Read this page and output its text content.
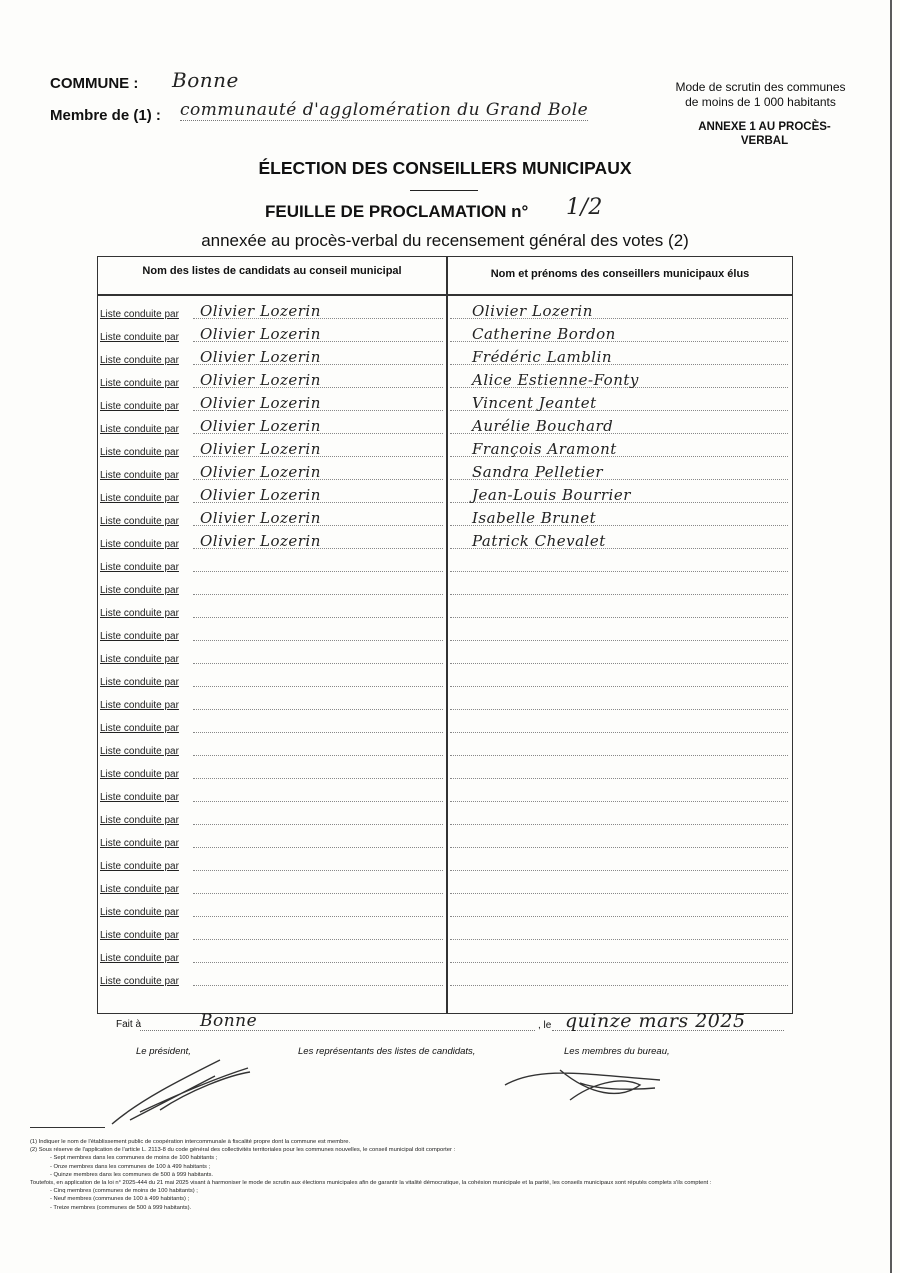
COMMUNE : Bonne
Membre de (1) : communauté d'agglomération du Grand Bole
Mode de scrutin des communes de moins de 1 000 habitants
ANNEXE 1 AU PROCÈS-VERBAL
ÉLECTION DES CONSEILLERS MUNICIPAUX
FEUILLE DE PROCLAMATION n° 1/2
annexée au procès-verbal du recensement général des votes (2)
Nom des listes de candidats au conseil municipal	Nom et prénoms des conseillers municipaux élus
Liste conduite par Olivier Lozerin	Olivier Lozerin
Liste conduite par Olivier Lozerin	Catherine Bordon
Liste conduite par Olivier Lozerin	Frédéric Lamblin
Liste conduite par Olivier Lozerin	Alice Estienne-Fonty
Liste conduite par Olivier Lozerin	Vincent Jeantet
Liste conduite par Olivier Lozerin	Aurélie Bouchard
Liste conduite par Olivier Lozerin	François Aramont
Liste conduite par Olivier Lozerin	Sandra Pelletier
Liste conduite par Olivier Lozerin	Jean-Louis Bourrier
Liste conduite par Olivier Lozerin	Isabelle Brunet
Liste conduite par Olivier Lozerin	Patrick Chevalet
Liste conduite par
Liste conduite par
Liste conduite par
Liste conduite par
Liste conduite par
Liste conduite par
Liste conduite par
Liste conduite par
Liste conduite par
Liste conduite par
Liste conduite par
Liste conduite par
Liste conduite par
Liste conduite par
Liste conduite par
Liste conduite par
Liste conduite par
Liste conduite par
Liste conduite par
Fait à	Bonne	, le quinze mars 2025
Le président,	Les représentants des listes de candidats,	Les membres du bureau,

(1) Indiquer le nom de l'établissement public de coopération intercommunale à fiscalité propre dont la commune est membre.

(2) Sous réserve de l'application de l'article L. 2113-8 du code général des collectivités territoriales pour les communes nouvelles, le conseil municipal doit comporter :

- Sept membres dans les communes de moins de 100 habitants ;

- Onze membres dans les communes de 100 à 499 habitants ;

- Quinze membres dans les communes de 500 à 999 habitants.

Toutefois, en application de la loi n° 2025-444 du 21 mai 2025 visant à harmoniser le mode de scrutin aux élections municipales afin de garantir la vitalité démocratique, la cohésion municipale et la parité, les conseils municipaux sont réputés complets s'ils comptent :

- Cinq membres (communes de moins de 100 habitants) ;

- Neuf membres (communes de 100 à 499 habitants) ;

- Treize membres (communes de 500 à 999 habitants).
